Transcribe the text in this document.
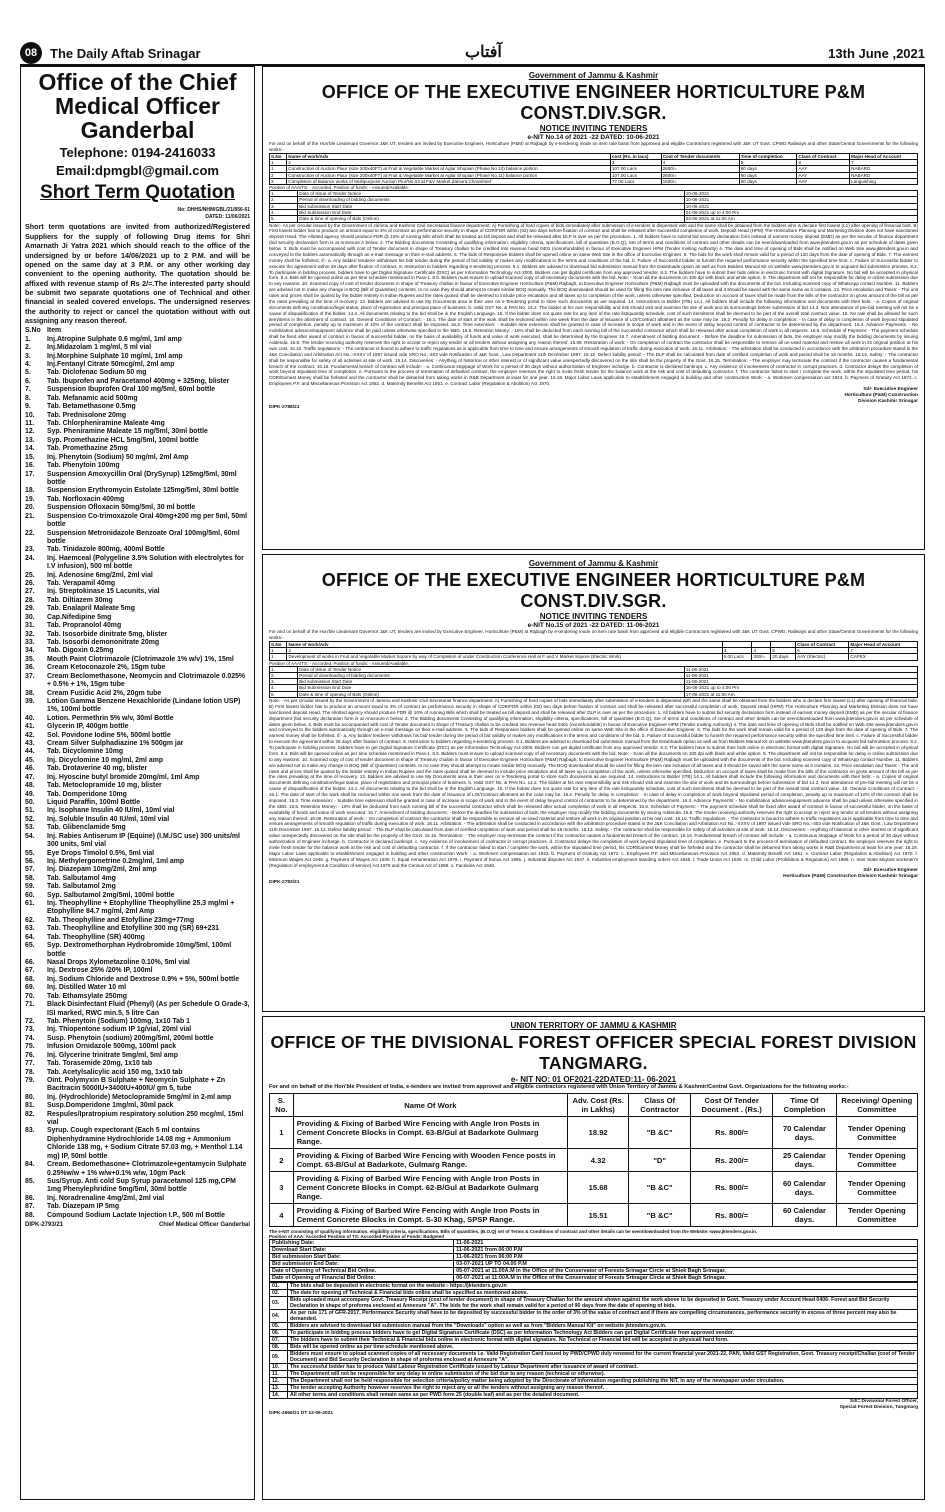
08 The Daily Aftab Srinagar	آفتاب	13th June ,2021
Office of the Chief Medical Officer Ganderbal
Telephone: 0194-2416033
Email:dpmgbl@gmail.com
Short Term Quotation
No: DHHS/NHM/GBL/21/856-61
DATED: 11/06/2021
Short term quotations are invited from authorized/Registered Suppliers for the supply of following Drug items for Shri Amarnath Ji Yatra 2021 which should reach to the office of the undersigned by or before 14/06/2021 up to 2 P.M. and will be opened on the same day at 3 P.M. or any other working day convenient to the opening authority. The quotation should be affixed with revenue stamp of Rs 2/=.The interested party should be submit two separate quotations one of Technical and other financial in sealed covered envelops. The undersigned reserves the authority to reject or cancel the quotation without with out assigning any reason thereof.
S.No Item
1.	Inj.Atropine Sulphate 0.6 mg/ml, 1ml amp
2.	Inj.Midazolam 1 mg/ml, 5 ml vial
3.	Inj.Morphine Sulphate 10 mg/ml, 1ml amp
4.	Inj.Fentanyl Citrate 50mcg/ml, 2ml amp
5.	Tab. Diclofenac Sodium 50 mg
6.	Tab. Ibuprofen and Paracetamol 400mg + 325mg, blister
7.	Suspension Ibuprofen Oral 100 mg/5ml, 60ml bottle
8.	Tab. Mefanamic acid 500mg
9.	Tab. Betamethasone 0.5mg
10.	Tab. Prednisolone 20mg
11.	Tab. Chlorpheniramine Maleate 4mg
12.	Syp. Pheniramine Maleate 15 mg/5ml, 30ml bottle
13.	Syp. Promethazine HCL 5mg/5ml, 100ml bottle
14.	Tab. Promethazine 25mg
15.	Inj. Phenytoin (Sodium) 50 mg/ml, 2ml Amp
16.	Tab. Phenytoin 100mg
17.	Suspension Amoxycillin Oral (DrySyrup) 125mg/5ml, 30ml bottle
18.	Suspension Erythromycin Estolate 125mg/5ml, 30ml bottle
19.	Tab. Norfloxacin 400mg
20.	Suspension Ofloxacin 50mg/5ml, 30 ml bottle
21.	Suspension Co-trimoxazole Oral 40mg+200 mg per 5ml, 50ml bottle
22.	Suspension Metronidazole Benzoate Oral 100mg/5ml, 60ml bottle
23.	Tab. Tinidazole 800mg, 400ml Bottle
24.	Inj. Haemceal (Polygeline 3.5% Solution with electrolytes for I.V infusion), 500 ml bottle
25.	Inj. Adenosine 6mg/2ml, 2ml vial
26.	Tab. Verapamil 40mg
27.	Inj. Streptokinase 15 Lacunits, vial
28.	Tab. Diltiazem 30mg
29.	Tab. Enalapril Maleate 5mg
30.	Cap.Nifedipine 5mg
31.	Tab. Propranolol 40mg
32.	Tab. Isosorbide dinitrate 5mg, blister
33.	Tab. Isosorbi demononitrate 20mg
34.	Tab. Digoxin 0.25mg
35.	Mouth Paint Clotrimazole (Clotrimazole 1% w/v) 1%, 15ml
36.	Cream Ketoconazole 2%, 15gm tube
37.	Cream Beclomethasone, Neomycin and Clotrimazole 0.025% + 0.5% + 1%, 15gm tube
38.	Cream Fusidic Acid 2%, 20gm tube
39.	Lotion Gamma Benzene Hexachloride (Lindane lotion USP) 1%, 100ml bottle
40.	Lotion. Permethrin 5% w/v, 30ml Bottle
41.	Glycerin IP, 400gm bottle
42.	Sol. Povidone Iodine 5%, 500ml bottle
43.	Cream Silver Sulphadiazine 1% 500gm jar
44.	Tab. Dicyclomine 10mg
45.	Inj. Dicyclomine 10 mg/ml, 2ml amp
46.	Tab. Drotaverine 40 mg, blister
47.	Inj. Hyoscine butyl bromide 20mg/ml, 1ml Amp
48.	Tab. Metoclopramide 10 mg, blister
49.	Tab. Domperidone 10mg
50.	Liquid Paraffin, 100ml Bottle
51.	Inj. Isophane Insulin 40 IU/ml, 10ml vial
52.	Inj. Soluble Insulin 40 IU/ml, 10ml vial
53.	Tab. Glibenclamide 5mg
54.	Inj. Rabies Antiserum IP (Equine) (I.M./SC use) 300 units/ml 300 units, 5ml vial
55.	Eye Drops Timolol 0.5%, 5ml vial
56.	Inj. Methylergometrine 0.2mg/ml, 1ml amp
57.	Inj. Diazepam 10mg/2ml, 2ml amp
58.	Tab. Salbutamol 4mg
59.	Tab. Salbutamol 2mg
60.	Syp. Salbutamol 2mg/5ml, 100ml bottle
61.	Inj. Theophylline + Etophylline Theophylline 25.3 mg/ml + Etophylline 84.7 mg/ml, 2ml Amp
62.	Tab. Theophylline and Etofylline 23mg+77mg
63.	Tab. Theophylline and Etofylline 300 mg (SR) 69+231
64.	Tab. Theophylline (SR) 400mg
65.	Syp. Dextromethorphan Hydrobromide 10mg/5ml, 100ml bottle
66.	Nasal Drops Xylometazoline 0.10%, 5ml vial
67.	Inj. Dextrose 25% /20% IP, 100ml
68.	Inj. Sodium Chloride and Dextrose 0.9% + 5%, 500ml bottle
69.	Inj. Distilled Water 10 ml
70.	Tab. Ethamsylate 250mg
71.	Black Disinfectant Fluid (Phenyl) (As per Schedule O Grade-3, ISI marked, RWC min.5, 5 litre Can
72.	Tab. Phenytoin (Sodium) 100mg, 1x10 Tab 1
73.	Inj. Thiopentone sodium IP 1g/vial, 20ml vial
74.	Susp. Phenytoin (sodium) 200mg/5ml, 200ml bottle
75.	Infusion Ornidazole 500mg, 100ml pack
76.	Inj. Glycerine trinitrate 5mg/ml, 5ml amp
77.	Tab. Torasemide 20mg, 1x10 tab
78.	Tab. Acetylsalicylic acid 150 mg, 1x10 tab
79.	Oint. Polymyxin B Sulphate + Neomycin Sulphate + Zn Bacitracin 5000IU+3400IU+400IU/ gm 5, tube
80.	Inj. (Hydrochloride) Metoclopramide 5mg/ml in 2-ml amp
81.	Susp.Domperidone 1mg/ml, 30ml pack
82.	Respules/Ipratropium respiratory solution 250 mcg/ml, 15ml vial
83.	Syrup. Cough expectorant (Each 5 ml contains Diphenhydramine Hydrochloride 14.08 mg + Ammonium Chloride 138 mg, + Sodium Citrate 57.03 mg, + Menthol 1.14 mg) IP, 50ml bottle
84.	Cream. Bedomethasone+ Clotrimazole+gentamycin Sulphate 0.25%w/w + 1% w/w+0.1% w/w, 10gm Pack
85.	Sus/Syrup. Anti cold Sup Syrup paracetamol 125 mg,CPM 1mg Phenylephridine 5mg/5ml, 30ml bottle
86.	Inj. Noradrenaline 4mg/2ml, 2ml vial
87.	Tab. Diazepam IP 5mg
88.	Compound Sodium Lactate Injection I.P., 500 ml Bottle
DIPK-2793/21	Chief Medical Officer Ganderbal
Government of Jammu & Kashmir
OFFICE OF THE EXECUTIVE ENGINEER HORTICULTURE P&M CONST.DIV.SGR.
NOTICE INVITING TENDERS
e-NIT No.14 of 2021 -22 DATED: 10-06-2021
For and on behalf of the Hon'ble Lieutenant Governor J&K UT, tenders are invited by Executive Engineer, Horticulture (P&M) at Rajbagh by e-tendering mode on item rate basis from approved and eligible Contractors registered with J&K UT Govt. CPWD Railways and other State/Central Governments for the following works:-
S.No	Name of work/Adv	cost (Rs. in lacs)	Cost of Tender documents	Time of completion	Class of Contract	Major Head of Account
1	2	3	4	5	6	7
1	Construction of Auction Plaur (size 200x40FT) at Fruit & Vegetable Market at Aglar Shopian (Phase No 10) balance portion	107.00 Lacs	2600/=	60 days	AAY	NABARD
2	Construction of Auction Plaur (size 200x40FT) at Fruit & Vegetable Market at Aglar Shopian (Phase No 11) balance portion	107.00 Lacs	2600/=	60 days	AAY	NABARD
3	Completion of Balance works of Multipurpose Auction Plur/No 03 at F&V Market Zaloora Chrarshrief	77.00 Lacs	1600/=	60 days	AAY	Languishing
Position of AAA/TS: - Accorded. Position of funds: - Assured/Available.
1.	Date of Issue of Tender Notice	10-06-2021
2.	Period of downloading of bidding documents	10-06-2021
3.	Bid submission Start Date	10-06-2021
4.	Bid Submission End Date	21-06-2021 up to 4:00 Pm
5.	Date & time of opening of Bids (Online)	22-06-2021 at 11:00 Am
Note:- As per circular issued by the Government of Jammu and Kashmir Civil Secretariat finance department: A) Furnishing of hard copies of bids immediately after submission of e-tenders is dispensed with and the same shall be obtained from the bidders who is declare first lowest (L1) after opening of financial bids. B) First lowest bidder has to produce an amount equal to 3% of contract as performance security in shape of CDR/FDR within (02) two days before fixation of contract and shall be released after successful completion of work. Deposit Head (HPM) The Horticulture Planning and Marketing Division does not have sanctioned deposit Head. The Allotted agency should produce FDR @ 10% of running bills which shall be treated as bill deposit and shall be released after DLP is over as per the procedure. 1. All bidders have to submit bid security declaration form instead of earnest money deposit (EMD) as per the secular of finance department (bid security declaration form is at Annexure A below. 2. The Bidding documents Consisting of qualifying information, eligibility criteria, specifications, bill of quantities (B.O.Q), Set of terms and conditions of contract and other details can be seen/downloaded from www.jktenders.gov.in as per schedule of dates given below. 3. Bids must be accompanied with cost of Tender document in shape of Treasury challan to be credited into revenue head 0401 (nonrefundable) in favour of Executive Engineer HPM (Tender Inviting Authority) 4. The date and time of opening of Bids shall be notified on Web Site www.jktenders.gov.in and conveyed to the bidders automatically through an e-mail message on their e-mail address. 5. The bids of Responsive bidders shall be opened online on same Web Site in the office of Executive Engineer. 6. The bids for the work shall remain valid for a period of 120 days from the date of opening of Bids. 7. The earnest money shall be forfeited, if:- a. Any bidder/ tenderer withdraws his bid/ tender during the period of bid validity or makes any modifications in the terms and conditions of the bid. b. Failure of Successful bidder to furnish the required performance security within the specified time limit. c. Failure of Successful bidder to execute the agreement within 28 days after fixation of contract. 8. Instruction to bidders regarding e-tendering process. 8.1. Bidders are advised to download bid submission manual from the Downloads option as well as from Bidders Manual Kit on website www.jktenders.gov.in to acquaint bid submission process. 8.2. To participate in bidding process, bidders have to get Digital Signature Certificate (DSC) as per Information Technology Act-2000. Bidders can get digital certificate from any approved Vendor. 8.3. The bidders have to submit their bids online in electronic format with digital Signature. No bid will be accepted in physical form. 8.4. Bids will be opened online as per time schedule mentioned in Para-1. 8.5. Bidders must ensure to upload scanned copy of all necessary documents with the bid. Note: - Scan all the documents on 100 dpi with black and white option. 9. The department will not be responsible for delay in online submission due to any reasons. 10. Scanned copy of cost of tender document in shape of Treasury challan in favour of Executive Engineer Horticulture (P&M) Rajbagh, to Executive Engineer Horticulture (P&M) Rajbagh must be uploaded with the documents of the bid. Including scanned copy of WhatsApp contact Number. 11. Bidders are advised not to make any change in BOQ (Bill of Quantities) contents. In no case they should attempt to create similar BOQ manually. The BOQ downloaded should be used for filling the item rate inclusive of all taxes and it should be saved with the same name as it contains. 12. Price escalation and Taxes: - The unit rates and prices shall be quoted by the bidder entirely in Indian Rupees and the rates quoted shall be deemed to include price escalation and all taxes up to completion of the work, unless otherwise specified. Deduction on account of taxes shall be made from the bills of the contractor on gross amount of the bill as per the rates prevailing at the time of recovery. 13. Bidders are advised to use My Documents area in their user on e-Tendering portal to store such documents as are required. 14. Instructions to Bidder (ITB) 14.1. All bidders shall include the following information and documents with their bids: - a. Copies of original documents defining constitution/legal status, place of registration and principal place of business. b. Valid GST No. & PAN No. 14.2. The bidder at his own responsibility and risk should visit and examine the site of work and its surroundings before submission of bid 14.3. Non attendance of pre-bid meeting will not be a cause of disqualification of the bidder. 14.4. All documents relating to the bid shall be in the English Language. 15. If the bidder does not quote rate for any item of the rate list/quantity schedule, cost of such item/items shall be deemed to be part of the overall total contract value. 16. No rate shall be allowed for such item/items in the allotment of contract. 16. General Conditions of Contract: - 16.1. The date of start of the work shall be reckoned within one week from the date of issuance of LOI/Contract allotment as the case may be. 16.2. Penalty for delay in completion: - In case of delay in completion of work beyond stipulated period of completion, penalty up to maximum of 10% of the contract shall be imposed. 16.3. Time extension: - Suitable time extension shall be granted in case of increase in scope of work and in the event of delay beyond control of contractor to be determined by the department. 16.4. Advance Payments: - No mobilization advance/equipment advance shall be paid unless otherwise specified in the SBD. 16.5. Retention Money: - 10% shall be deducted from each running bill of the successful contractor which shall be released after actual completion of work in all respects. 16.6. Schedule of Payment: - The payment schedule shall be fixed after award of contract in favour of successful bidder, on the basis of availability of funds and value of work executed, shall be determined by the Engineer 16.7. Amendment of bidding document: - Before the deadline for submission of bids, the employer may modify the bidding documents by issuing Addenda. 16.8. The tender receiving authority reserves the right to accept or reject any tender or all tenders without assigning any reason thereof. 16.09. Restoration of work: - On completion of contract the contractor shall be responsible to remove all un-used material and restore all work in its original position at his own cost. 16.10. Traffic regulations: - The contractor is bound to adhere to traffic regulations as is applicable from time to time and ensure arrangements of smooth regulation of traffic during execution of work. 16.11. Arbitration: - The arbitration shall be conducted in accordance with the arbitration procedure stated in the J&K Conciliation and Arbitration Act No.:-XXXV of 1997 issued vide SRO No.:-403 vide Notification of J&K Govt., Law Department 11th December 1997. 16.12. Defect liability period: - The DLP shall be calculated from date of certified completion of work and period shall be 18 months. 16.13. Safety: - The contractor shall be responsible for safety of all activities at site of work. 16.14. Discoveries: - Anything of historical or other interest or of significant value unexpectedly discovered on the site shall be the property of the Govt. 16.15. Termination: - The employer may terminate the contract if the contractor causes a fundamental breach of the contract. 16.16. Fundamental breach of contract will include: - a. Continuous stoppage of Work for a period of 30 days without authorization of Engineer incharge. b. Contractor is declared bankrupt. c. Any evidence of involvement of contractor in corrupt practices. d. Contractor delays the completion of work beyond stipulated time of completion. e. Pursuant to the process of termination of defaulted contract, the employer reserves the right to invite fresh tender for the balance work at the risk and cost of defaulting contractor. f. The contractor failed to start / complete the work, within the stipulated time period, his CDR/Earnest Money shall be forfeited and the contractor shall be debarred from taking works in R&B Department at least for one year. 16.18. Major Labor Laws applicable to establishment engaged in building and other construction Work: - a. Workmen compensation act 1923. b. Payment of Gratuity Act 1972. c. Employees P.F. and Miscellaneous Provision Act 1952. d. Maternity Benefits Act 1951. e. Contract Labor (Regulation & Abolition) Act 1970.
Sd/- Executive Engineer
Horticulture (P&M) Construction
Division Kashmir Srinagar
DIPK-2788/21
Government of Jammu & Kashmir
OFFICE OF THE EXECUTIVE ENGINEER HORTICULTURE P&M CONST.DIV.SGR.
NOTICE INVITING TENDERS
e-NIT No.15 of 2021 -22 DATED: 11-06-2021
For and on behalf of the Hon'ble Lieutenant Governor J&K UT, tenders are invited by Executive Engineer, Horticulture (P&M) at Rajbagh by e-tendering mode on item rate basis from approved and eligible Contractors registered with J&K UT Govt. CPWD, Railways and other State/Central Governments for the following works:-
S.No	Name of work/Adv				Class of Contract	Major Head of Account
1	2	3	4	5	6	7
1	Development of works in Fruit and Vegetable Market Sopore by way of Completion of under Construction Conference Hall at F and V Market Sopore (Electric Work)	5.00 Lacs	300/=	20 days	AAY (Electric)	CAPEX
Position of AAA/TS: - Accorded. Position of funds: - Assured/Available.
1.	Date of Issue of Tender Notice	11-06-2021
2.	Period of downloading of bidding documents	11-06-2021
3.	Bid submission Start Date	11-06-2021
4.	Bid Submission End Date	16-06-2021 up to 4:00 Pm
5.	Date & time of opening of Bids (Online)	17-06-2021 at 11:00 Am
Note: - As per circular issued by the Government of Jammu and Kashmir Civil Secretariat finance department: A) Furnishing of hard copies of bids immediately after submission of e-tenders is dispensed with and the same shall be obtained from the bidders who is declare first lowest (L1) after opening of financial bids. B) First lowest bidder has to produce an amount equal to 3% of contract as performance security in shape of CDR/FDR within (02) two days before fixation of contract and shall be released after successful completion of work. Deposit Head (HPM) The Horticulture Planning and Marketing Division does not have sanctioned deposit Head. The Allotted agency should produce FDR @ 10% of running Bills which shall be treated as bill deposit and shall be released after DLP is over as per the procedure. 1. All bidders have to submit bid security declaration form instead of earnest money deposit (EMD) as per the secular of finance department (bid security declaration form is at Annexure A below. 2. The Bidding documents Consisting of qualifying information, eligibility criteria, specifications, bill of quantities (B.O.Q), Set of terms and conditions of contract and other details can be seen/downloaded from www.jktenders.gov.in as per schedule of dates given below. 3. Bids must be accompanied with cost of Tender document in shape of Treasury challan to be credited into revenue head 0401 (nonrefundable) in favour of Executive Engineer HPM (Tender Inviting Authority) 4. The date and time of opening of Bids shall be notified on Web Site www.jktenders.gov.in and conveyed to the bidders automatically through an e-mail message on their e-mail address. 5. The bids of Responsive bidders shall be opened online on same Web Site in the office of Executive Engineer. 6. The bids for the work shall remain valid for a period of 120 days from the date of opening of Bids. 7. The earnest money shall be forfeited, if:- a. Any bidder/ tenderer withdraws his bid/ tender during the period of bid validity or makes any modifications in the terms and conditions of the bid. b. Failure of Successful bidder to furnish the required performance security within the specified time limit. c. Failure of Successful bidder to execute the agreement within 28 days after fixation of contract. 8. Instruction to bidders regarding e-tendering process. 8.1. Bidders are advised to download bid submission manual from the Downloads option as well as from Bidders Manual Kit on website www.jktenders.gov.in to acquaint bid submission process. 8.2. To participate in bidding process, bidders have to get Digital Signature Certificate (DSC) as per Information Technology Act-2000. Bidders can get digital certificate from any approved Vendor. 8.3. The bidders have to submit their bids online in electronic format with digital Signature. No bid will be accepted in physical form. 8.4. Bids will be opened online as per time schedule mentioned in Para-1. 8.5. Bidders must ensure to upload scanned copy of all necessary documents with the bid. Note: - Scan all the documents on 100 dpi with black and white option. 9. The department will not be responsible for delay in online submission due to any reasons. 10. Scanned copy of cost of tender document in shape of Treasury challan in favour of Executive Engineer Horticulture (P&M) Rajbagh, to Executive Engineer Horticulture (P&M) Rajbagh must be uploaded with the documents of the bid. Including scanned copy of WhatsApp contact Number. 11. Bidders are advised not to make any change in BOQ (Bill of Quantities) contents. In no case they should attempt to create similar BOQ manually. The BOQ downloaded should be used for filling the item rate inclusive of all taxes and it should be saved with the same name as it contains. 12. Price escalation and Taxes: - The unit rates and prices shall be quoted by the bidder entirely in Indian Rupees and the rates quoted shall be deemed to include price escalation and all taxes up to completion of the work, unless otherwise specified. Deduction on account of taxes shall be made from the bills of the contractor on gross amount of the bill as per the rates prevailing at the time of recovery. 13. Bidders are advised to use My Documents area in their user on e-Tendering portal to store such documents as are required. 14. Instructions to Bidder (ITB) 14.1. All bidders shall include the following information and documents with their bids: - a. Copies of original documents defining constitution/legal status, place of registration and principal place of business. b. Valid GST No. & PAN No. 14.2. The bidder at his own responsibility and risk should visit and examine the site of work and its surroundings before submission of bid 14.3. Non attendance of pre-bid meeting will not be a cause of disqualification of the bidder. 14.4. All documents relating to the bid shall be in the English Language. 15. If the bidder does not quote rate for any item of the rate list/quantity schedule, cost of such item/items shall be deemed to be part of the overall total contract value. 16. General Conditions of Contract: - 16.1. The date of start of the work shall be reckoned within one week from the date of issuance of LOI/Contract allotment as the case may be. 16.2. Penalty for delay in completion: - In case of delay in completion of work beyond stipulated period of completion, penalty up to maximum of 10% of the contract shall be imposed. 16.3. Time extension: - Suitable time extension shall be granted in case of increase in scope of work and in the event of delay beyond control of contractor to be determined by the department. 16.4. Advance Payments: - No mobilization advance/equipment advance shall be paid unless otherwise specified in the SBD. 16.5. Retention Money: - 10% shall be deducted from each running bill of the successful contractor which shall be released after actual completion of work in all respects. 16.6. Schedule of Payment: - The payment schedule shall be fixed after award of contract in favour of successful bidder, on the basis of availability of funds and value of work executed. 16.7. Amendment of bidding document: - Before the deadline for submission of bids, the employer may modify the bidding documents by issuing Addenda. 16.8. The tender receiving authority reserves the right to accept or reject any tender or all tenders without assigning any reason thereof. 16.09. Restoration of work: - On completion of contract the contractor shall be responsible to remove all un-used material and restore all work in its original position at his own cost. 16.10. Traffic regulations: - The contractor is bound to adhere to traffic regulations as is applicable from time to time and ensure arrangements of smooth regulation of traffic during execution of work. 16.11. Arbitration: - The arbitration shall be conducted in accordance with the arbitration procedure stated in the J&K Conciliation and Arbitration Act No.:-XXXV of 1997 issued vide SRO No.:-403 vide Notification of J&K Govt., Law Department 11th December 1997. 16.12. Defect liability period: - The DLP shall be calculated from date of certified completion of work and period shall be 18 months. 16.13. Safety: - The contractor shall be responsible for safety of all activities at site of work. 16.14. Discoveries: - Anything of historical or other interest or of significant value unexpectedly discovered on the site shall be the property of the Govt. 16.15. Termination: - The employer may terminate the contract if the contractor causes a fundamental breach of the contract. 16.16. Fundamental breach of contract will include: - a. Continuous stoppage of Work for a period of 30 days without authorization of Engineer incharge. b. Contractor is declared bankrupt. c. Any evidence of involvement of contractor in corrupt practices. d. Contractor delays the completion of work beyond stipulated time of completion. e. Pursuant to the process of termination of defaulted contract, the employer reserves the right to invite fresh tender for the balance work at the risk and cost of defaulting contractor. f. If the contractor failed to start / complete the work, within the stipulated time period, his CDR/Earnest Money shall be forfeited and the contractor shall be debarred from taking works in R&B Department at least for one year. 16.18. Major Labor Laws applicable to establishment engaged in building and other construction Work: - a. Workmen compensation act 1923. b. Payment of Gratuity Act 1972. c. Employees P.F. and Miscellaneous Provision Act 1952. d. Maternity Benefit Act 1951. e. Contract Labor (Regulation & Abolition) Act 1970. f. Minimum Wages Act 1948. g. Payment of Wages Act 1936. h. Equal remuneration Act 1979. i. Payment of bonus Act 1965. j. Industrial disputes Act 1947. k. Industrial employment standing orders Act 1946. l. Trade Union Act 1926. m. Child Labor (Prohibition & Regulation) Act 1986. n. Inter State Migrant workmen's (Regulation of employment & Condition of service) Act 1979 and the Census Act of 1996. o. Factories Act 1948.
Sd/- Executive Engineer
Horticulture (P&M) Construction Division Kashmir Srinagar
DIPK-2783/21
UNION TERRITORY OF JAMMU & KASHMIR
OFFICE OF THE DIVISIONAL FOREST OFFICER SPECIAL FOREST DIVISION TANGMARG.
e- NIT NO: 01 OF2021-22DATED:11- 06-2021
For and on behalf of the Hon'ble President of India, e-tenders are invited from approved and eligible contractors registered with Union Territory of Jammu & Kashmir/Central Govt. Organizations for the following works:-
S. No.	Name Of Work	Adv. Cost (Rs. in Lakhs)	Class Of Contractor	Cost Of Tender Document . (Rs.)	Time Of Completion	Receiving/ Opening Committee
1	Providing & Fixing of Barbed Wire Fencing with Angle Iron Posts in Cement Concrete Blocks in Compt. 63-B/Gul at Badarkote Gulmarg Range.	18.92	"B &C"	Rs. 800/=	70 Calendar days.	Tender Opening Committee
2	Providing & Fixing of Barbed Wire Fencing with Wooden Fence posts in Compt. 63-B/Gul at Badarkote, Gulmarg Range.	4.32	"D"	Rs. 200/=	25 Calendar days.	Tender Opening Committee
3	Providing & Fixing of Barbed Wire Fencing with Angle Iron Posts in Cement Concrete Blocks in Compt. 62-B/Gul at Badarkote Gulmarg Range.	15.68	"B &C"	Rs. 800/=	60 Calendar days.	Tender Opening Committee
4	Providing & Fixing of Barbed Wire Fencing with Angle Iron Posts in Cement Concrete Blocks in Compt. S-30 Khag, SPSP Range.	15.51	"B &C"	Rs. 800/=	60 Calendar days.	Tender Opening Committee
The e-NIT consisting of qualifying information, eligibility criteria, specifications, Bills of quantities, (B.O.Q) set of Terms & Conditions of contract and other details can be seen/downloaded from the Website:-www.jktenders.gov.in.
Position of AAA: Accorded Position of TS: Accorded Position of Funds: Budgeted
Publishing Date:	11-06-2021
Download Start Date:	11-06-2021 from 06:00 P.M
Bid submission Start Date:	11-06-2021 from 06:00 P.M
Bid submission End Date:	03-07-2021 UP TO 04.00 P.M
Date of Opening of Technical Bid Online.	05-07-2021 at 11.00A.M in the Office of the Conservator of Forests Srinagar Circle at Shiek Bagh Srinagar.
Date of Opening of Financial Bid Online:	06-07-2021 at 11:00A.M in the Office of the Conservator of Forests Srinagar Circle at Shiek Bagh Srinagar.
01.	The bids shall be deposited in electronic format on the website:- https://jktenders.gov.in
02.	The date for opening of Technical & Financial bids online shall be specified as mentioned above.
03.	Bids uploaded must accompany Govt. Treasury Receipt (cost of tender document) in shape of Treasury Challan for the amount shown against the work above to be deposited in Govt. Treasury under Account Head 0406- Forest and Bid Security Declaration in shape of proforma enclosed at Annexure "A". The bids for the work shall remain valid for a period of 90 days from the date of opening of bids.
04.	As per rule 171 of GFR-2017, Performance Security shall have to be deposited by successful bidder to the order of 3% of the value of contract and if there are compelling circumstances, performance security in excess of three percent may also be demanded.
05.	Bidders are advised to download bid submission manual from the "Downloads" option as well as from "Bidders Manual Kit" on website jktenders.gov.in.
06.	To participate in bidding process bidders have to get Digital Signature Certificate (DSC) as per Information Technology Act Bidders can get Digital Certificate from approved vendor.
07.	The bidders have to submit their Technical & Financial bids online in electronic format with digital signature. No Technical or Financial bid will be accepted in physical/ hard form.
08.	Bids will be opened online as per time schedule mentioned above.
09.	Bidders must ensure to upload scanned copies of all necessary documents i.e. Valid Registration Card issued by PWD/CPWD duly renewed for the current financial year 2021-22, PAN, Valid GST Registration, Govt. Treasury receipt/Challan (cost of Tender Document) and Bid Security Declaration in shape of proforma enclosed at Annexure "A".
10.	The successful bidder has to produce Valid Labour Registration Certificate issued by Labour Department after issuance of award of contract.
11.	The Department will not be responsible for any delay in online submission of the bid due to any reason (technical or otherwise).
12.	The Department shall not be held responsible for selection criteria/policy matter being adopted by the Directorate of Information regarding publishing the NIT, in any of the newspaper under circulation.
13.	The tender accepting Authority however reserves the right to reject any or all the tenders without assigning any reason thereof.
14.	All other terms and conditions shall remain same as per PWD form 25 (double leaf) and as per the detailed document.
Sd/= Divisional Forest Officer,
Special Forest Division, Tangmarg
DIPK-2866/21 DT 12-06-2021
